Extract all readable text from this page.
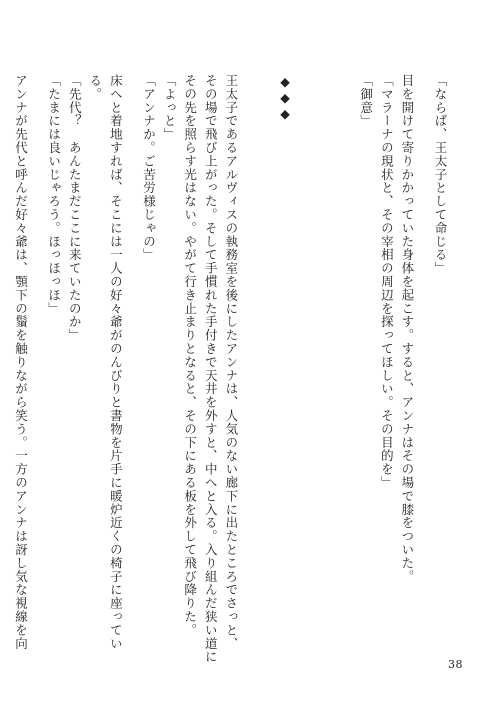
「ならば、王太子として命じる」
目を開けて寄りかかっていた身体を起こす。すると、アンナはその場で膝をついた。
「マラーナの現状と、その宰相の周辺を探ってほしい。その目的を」
「御意」
◆◆◆
王太子であるアルヴィスの執務室を後にしたアンナは、人気のない廊下に出たところでさっと、
その場で飛び上がった。そして手慣れた手付きで天井を外すと、中へと入る。入り組んだ狭い道に
その先を照らす光はない。やがて行き止まりとなると、その下にある板を外して飛び降りた。
「よっと」
「アンナか。ご苦労様じゃの」
床へと着地すれば、そこには一人の好々爺がのんびりと書物を片手に暖炉近くの椅子に座ってい
る。
「先代？　あんたまだここに来ていたのか」
「たまには良いじゃろう。ほっほっほ」
アンナが先代と呼んだ好々爺は、顎下の鬚を触りながら笑う。一方のアンナは訝し気な視線を向
38
